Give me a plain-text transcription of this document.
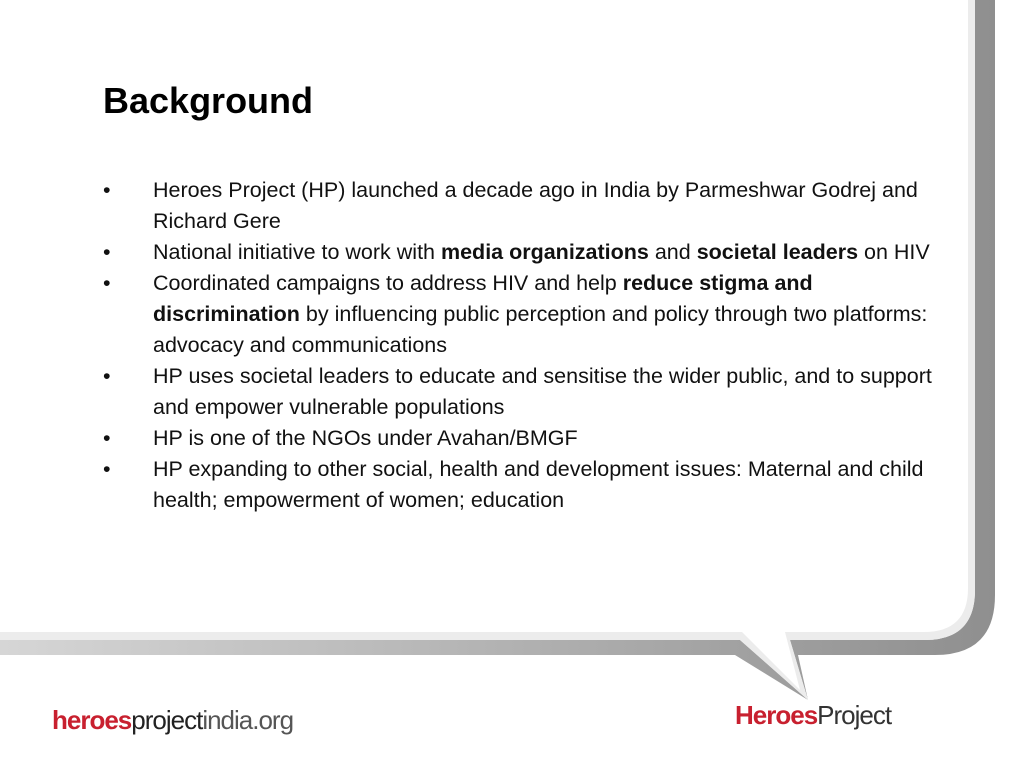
Background
• Heroes Project (HP) launched a decade ago in India by Parmeshwar Godrej and Richard Gere
• National initiative to work with media organizations and societal leaders on HIV
• Coordinated campaigns to address HIV and help reduce stigma and discrimination by influencing public perception and policy through two platforms: advocacy and communications
• HP uses societal leaders to educate and sensitise the wider public, and to support and empower vulnerable populations
• HP is one of the NGOs under Avahan/BMGF
• HP expanding to other social, health and development issues: Maternal and child health; empowerment of women; education
heroesprojectindia.org	HeroesProject
